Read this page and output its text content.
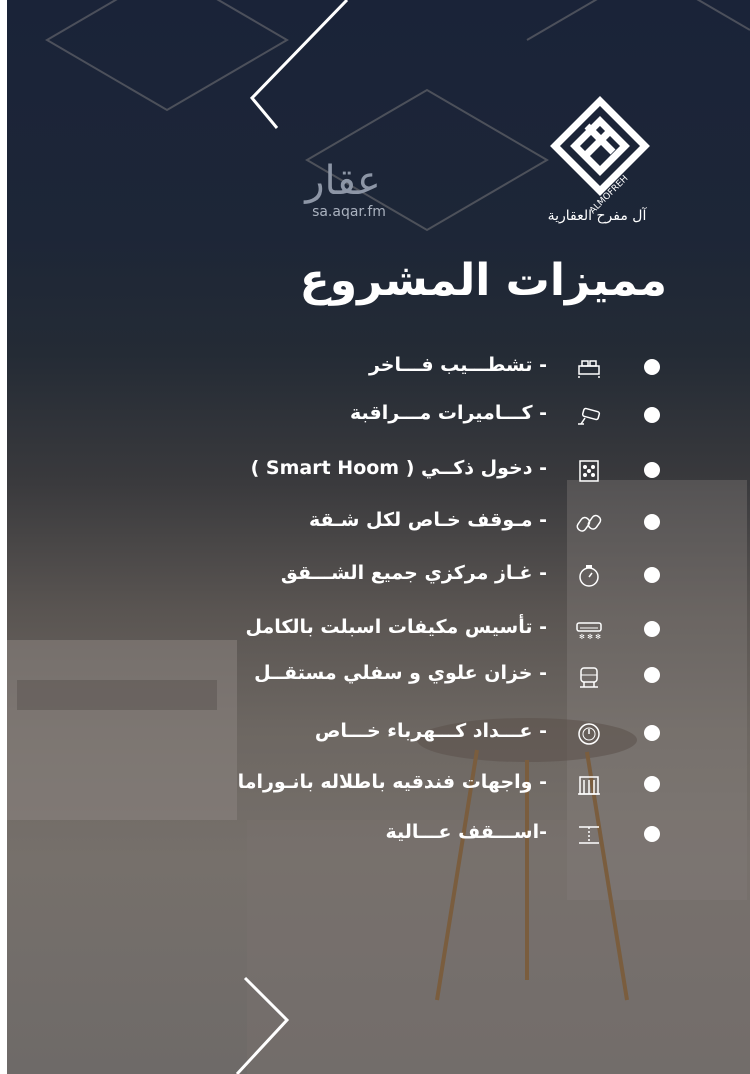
ALMOFREH
آل مفرح العقارية
عقار
sa.aqar.fm
مميزات المشروع
- تشطـــيب فـــاخر
- كـــاميرات مـــراقبة
- دخول ذكــي ( Smart Hoom )
- مـوقف خـاص لكل شـقة
- غـاز مركزي جميع الشـــقق
✻ ✻ ✻
- تأسيس مكيفات اسبلت بالكامل
- خزان علوي و سفلي مستقــل
- عـــداد كـــهرباء خـــاص
- واجهات فندقيه باطلاله بانـوراما
-اســـقف عـــالية
